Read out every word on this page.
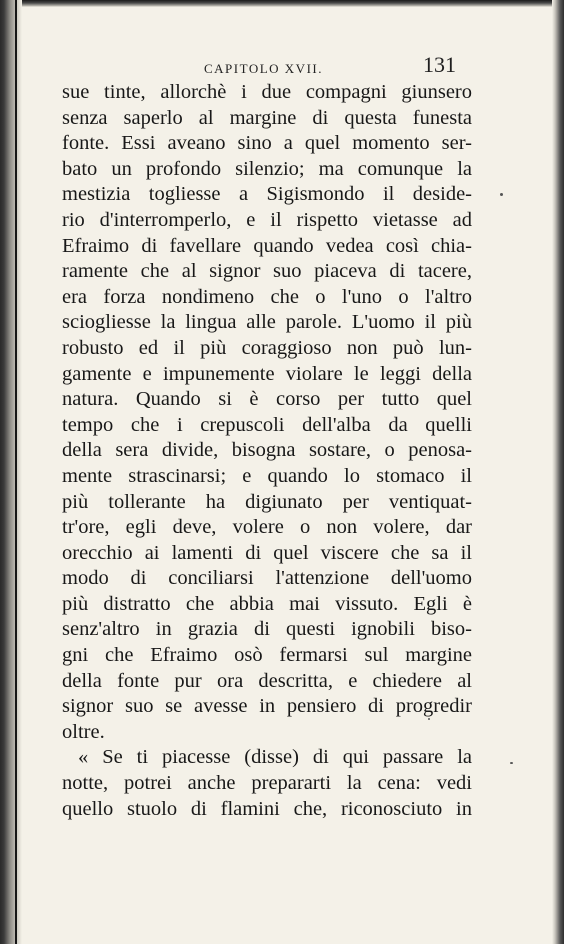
CAPITOLO XVII.	131
sue tinte, allorchè i due compagni giunsero
senza saperlo al margine di questa funesta
fonte. Essi aveano sino a quel momento ser-
bato un profondo silenzio; ma comunque la
mestizia togliesse a Sigismondo il deside-
rio d'interromperlo, e il rispetto vietasse ad
Efraimo di favellare quando vedea così chia-
ramente che al signor suo piaceva di tacere,
era forza nondimeno che o l'uno o l'altro
sciogliesse la lingua alle parole. L'uomo il più
robusto ed il più coraggioso non può lun-
gamente e impunemente violare le leggi della
natura. Quando si è corso per tutto quel
tempo che i crepuscoli dell'alba da quelli
della sera divide, bisogna sostare, o penosa-
mente strascinarsi; e quando lo stomaco il
più tollerante ha digiunato per ventiquat-
tr'ore, egli deve, volere o non volere, dar
orecchio ai lamenti di quel viscere che sa il
modo di conciliarsi l'attenzione dell'uomo
più distratto che abbia mai vissuto. Egli è
senz'altro in grazia di questi ignobili biso-
gni che Efraimo osò fermarsi sul margine
della fonte pur ora descritta, e chiedere al
signor suo se avesse in pensiero di progredir
oltre.
« Se ti piacesse (disse) di qui passare la
notte, potrei anche prepararti la cena: vedi
quello stuolo di flamini che, riconosciuto in
